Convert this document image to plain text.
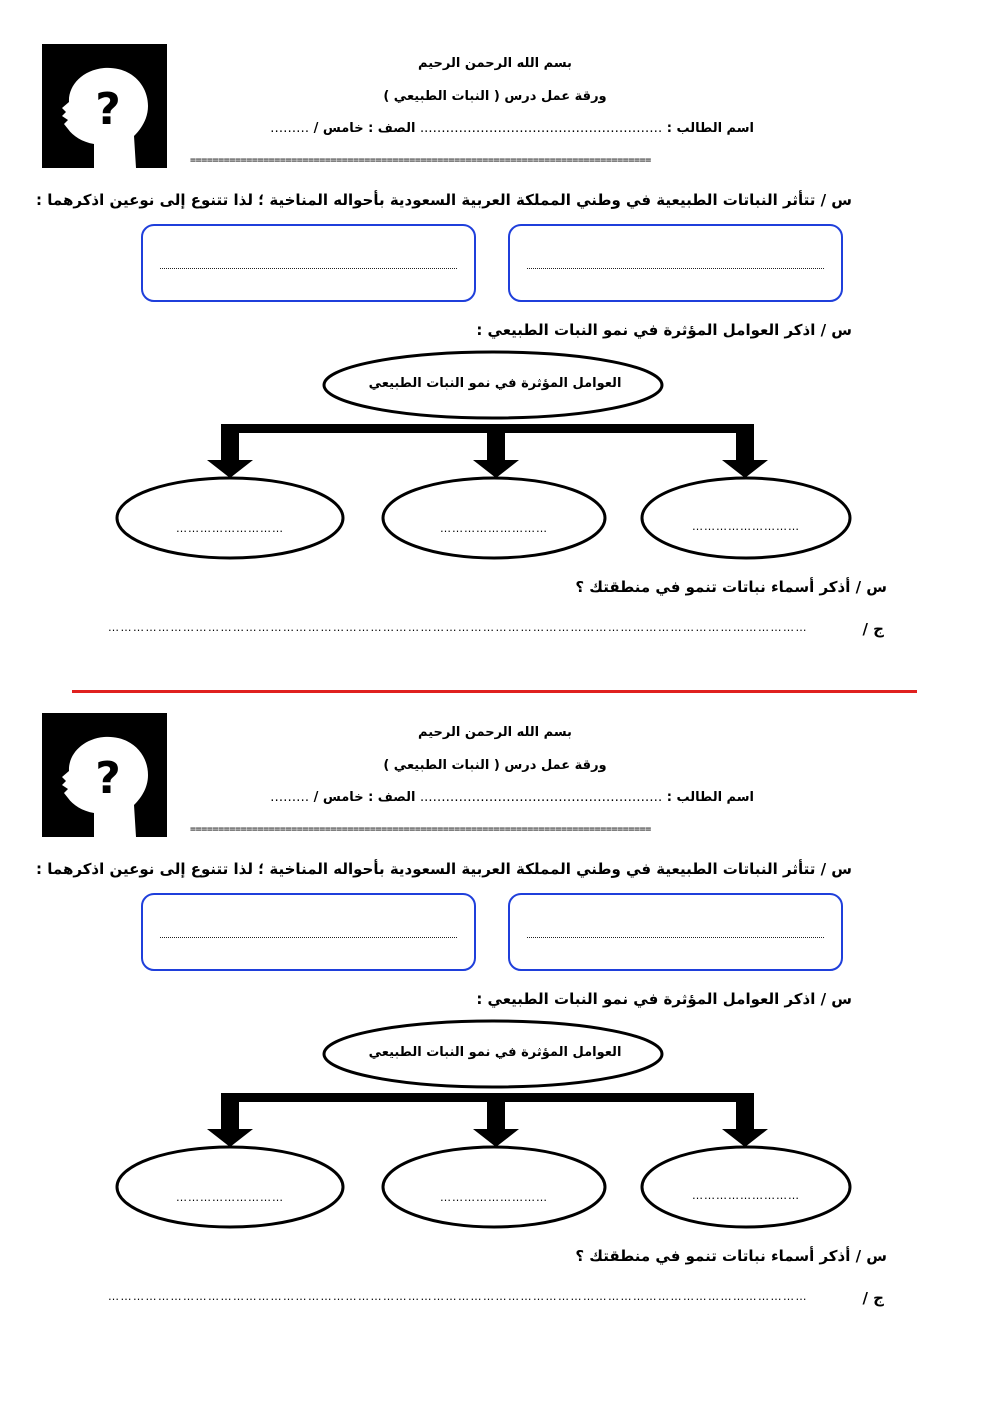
?
بسم الله الرحمن الرحيم
ورقة عمل درس ( النبات الطبيعي )
اسم الطالب : ……………………………………………….. الصف : خامس / ………
==================================================================================
س / تتأثر النباتات الطبيعية في وطني المملكة العربية السعودية بأحواله المناخية ؛ لذا تتنوع إلى نوعين اذكرهما :
س / اذكر العوامل المؤثرة في نمو النبات الطبيعي :
العوامل المؤثرة في نمو النبات الطبيعي
………………………	………………………	………………………
س / أذكر أسماء نباتات تنمو في منطقتك ؟
ج /
……………………………………………………………………………………………………………………………………………………
?
بسم الله الرحمن الرحيم
ورقة عمل درس ( النبات الطبيعي )
اسم الطالب : ……………………………………………….. الصف : خامس / ………
==================================================================================
س / تتأثر النباتات الطبيعية في وطني المملكة العربية السعودية بأحواله المناخية ؛ لذا تتنوع إلى نوعين اذكرهما :
س / اذكر العوامل المؤثرة في نمو النبات الطبيعي :
العوامل المؤثرة في نمو النبات الطبيعي
………………………	………………………	………………………
س / أذكر أسماء نباتات تنمو في منطقتك ؟
ج /
……………………………………………………………………………………………………………………………………………………
